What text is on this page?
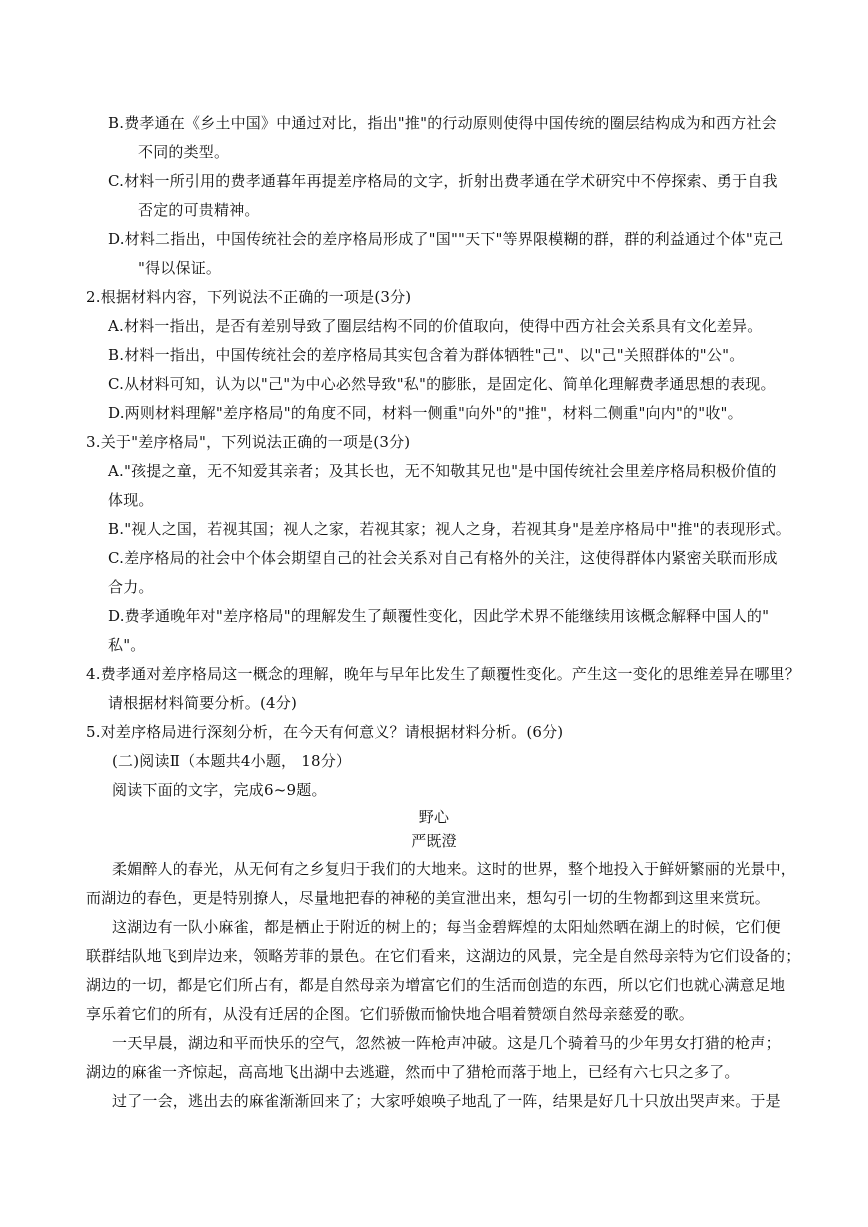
B.费孝通在《乡土中国》中通过对比，指出"推"的行动原则使得中国传统的圈层结构成为和西方社会
不同的类型。
C.材料一所引用的费孝通暮年再提差序格局的文字，折射出费孝通在学术研究中不停探索、勇于自我
否定的可贵精神。
D.材料二指出，中国传统社会的差序格局形成了"国""天下"等界限模糊的群，群的利益通过个体"克己
"得以保证。
2.根据材料内容，下列说法不正确的一项是(3分)
A.材料一指出，是否有差别导致了圈层结构不同的价值取向，使得中西方社会关系具有文化差异。
B.材料一指出，中国传统社会的差序格局其实包含着为群体牺牲"己"、以"己"关照群体的"公"。
C.从材料可知，认为以"己"为中心必然导致"私"的膨胀，是固定化、简单化理解费孝通思想的表现。
D.两则材料理解"差序格局"的角度不同，材料一侧重"向外"的"推"，材料二侧重"向内"的"收"。
3.关于"差序格局"，下列说法正确的一项是(3分)
A."孩提之童，无不知爱其亲者；及其长也，无不知敬其兄也"是中国传统社会里差序格局积极价值的
体现。
B."视人之国，若视其国；视人之家，若视其家；视人之身，若视其身"是差序格局中"推"的表现形式。
C.差序格局的社会中个体会期望自己的社会关系对自己有格外的关注，这使得群体内紧密关联而形成
合力。
D.费孝通晚年对"差序格局"的理解发生了颠覆性变化，因此学术界不能继续用该概念解释中国人的"
私"。
4.费孝通对差序格局这一概念的理解，晚年与早年比发生了颠覆性变化。产生这一变化的思维差异在哪里？
请根据材料简要分析。(4分)
5.对差序格局进行深刻分析，在今天有何意义？请根据材料分析。(6分)
(二)阅读Ⅱ（本题共4小题， 18分）
阅读下面的文字，完成6~9题。
野心
严既澄
柔媚醉人的春光，从无何有之乡复归于我们的大地来。这时的世界，整个地投入于鲜妍繁丽的光景中，
而湖边的春色，更是特别撩人，尽量地把春的神秘的美宣泄出来，想勾引一切的生物都到这里来赏玩。
这湖边有一队小麻雀，都是栖止于附近的树上的；每当金碧辉煌的太阳灿然晒在湖上的时候，它们便
联群结队地飞到岸边来，领略芳菲的景色。在它们看来，这湖边的风景，完全是自然母亲特为它们设备的；
湖边的一切，都是它们所占有，都是自然母亲为增富它们的生活而创造的东西，所以它们也就心满意足地
享乐着它们的所有，从没有迁居的企图。它们骄傲而愉快地合唱着赞颂自然母亲慈爱的歌。
一天早晨，湖边和平而快乐的空气，忽然被一阵枪声冲破。这是几个骑着马的少年男女打猎的枪声；
湖边的麻雀一齐惊起，高高地飞出湖中去逃避，然而中了猎枪而落于地上，已经有六七只之多了。
过了一会，逃出去的麻雀渐渐回来了；大家呼娘唤子地乱了一阵，结果是好几十只放出哭声来。于是
